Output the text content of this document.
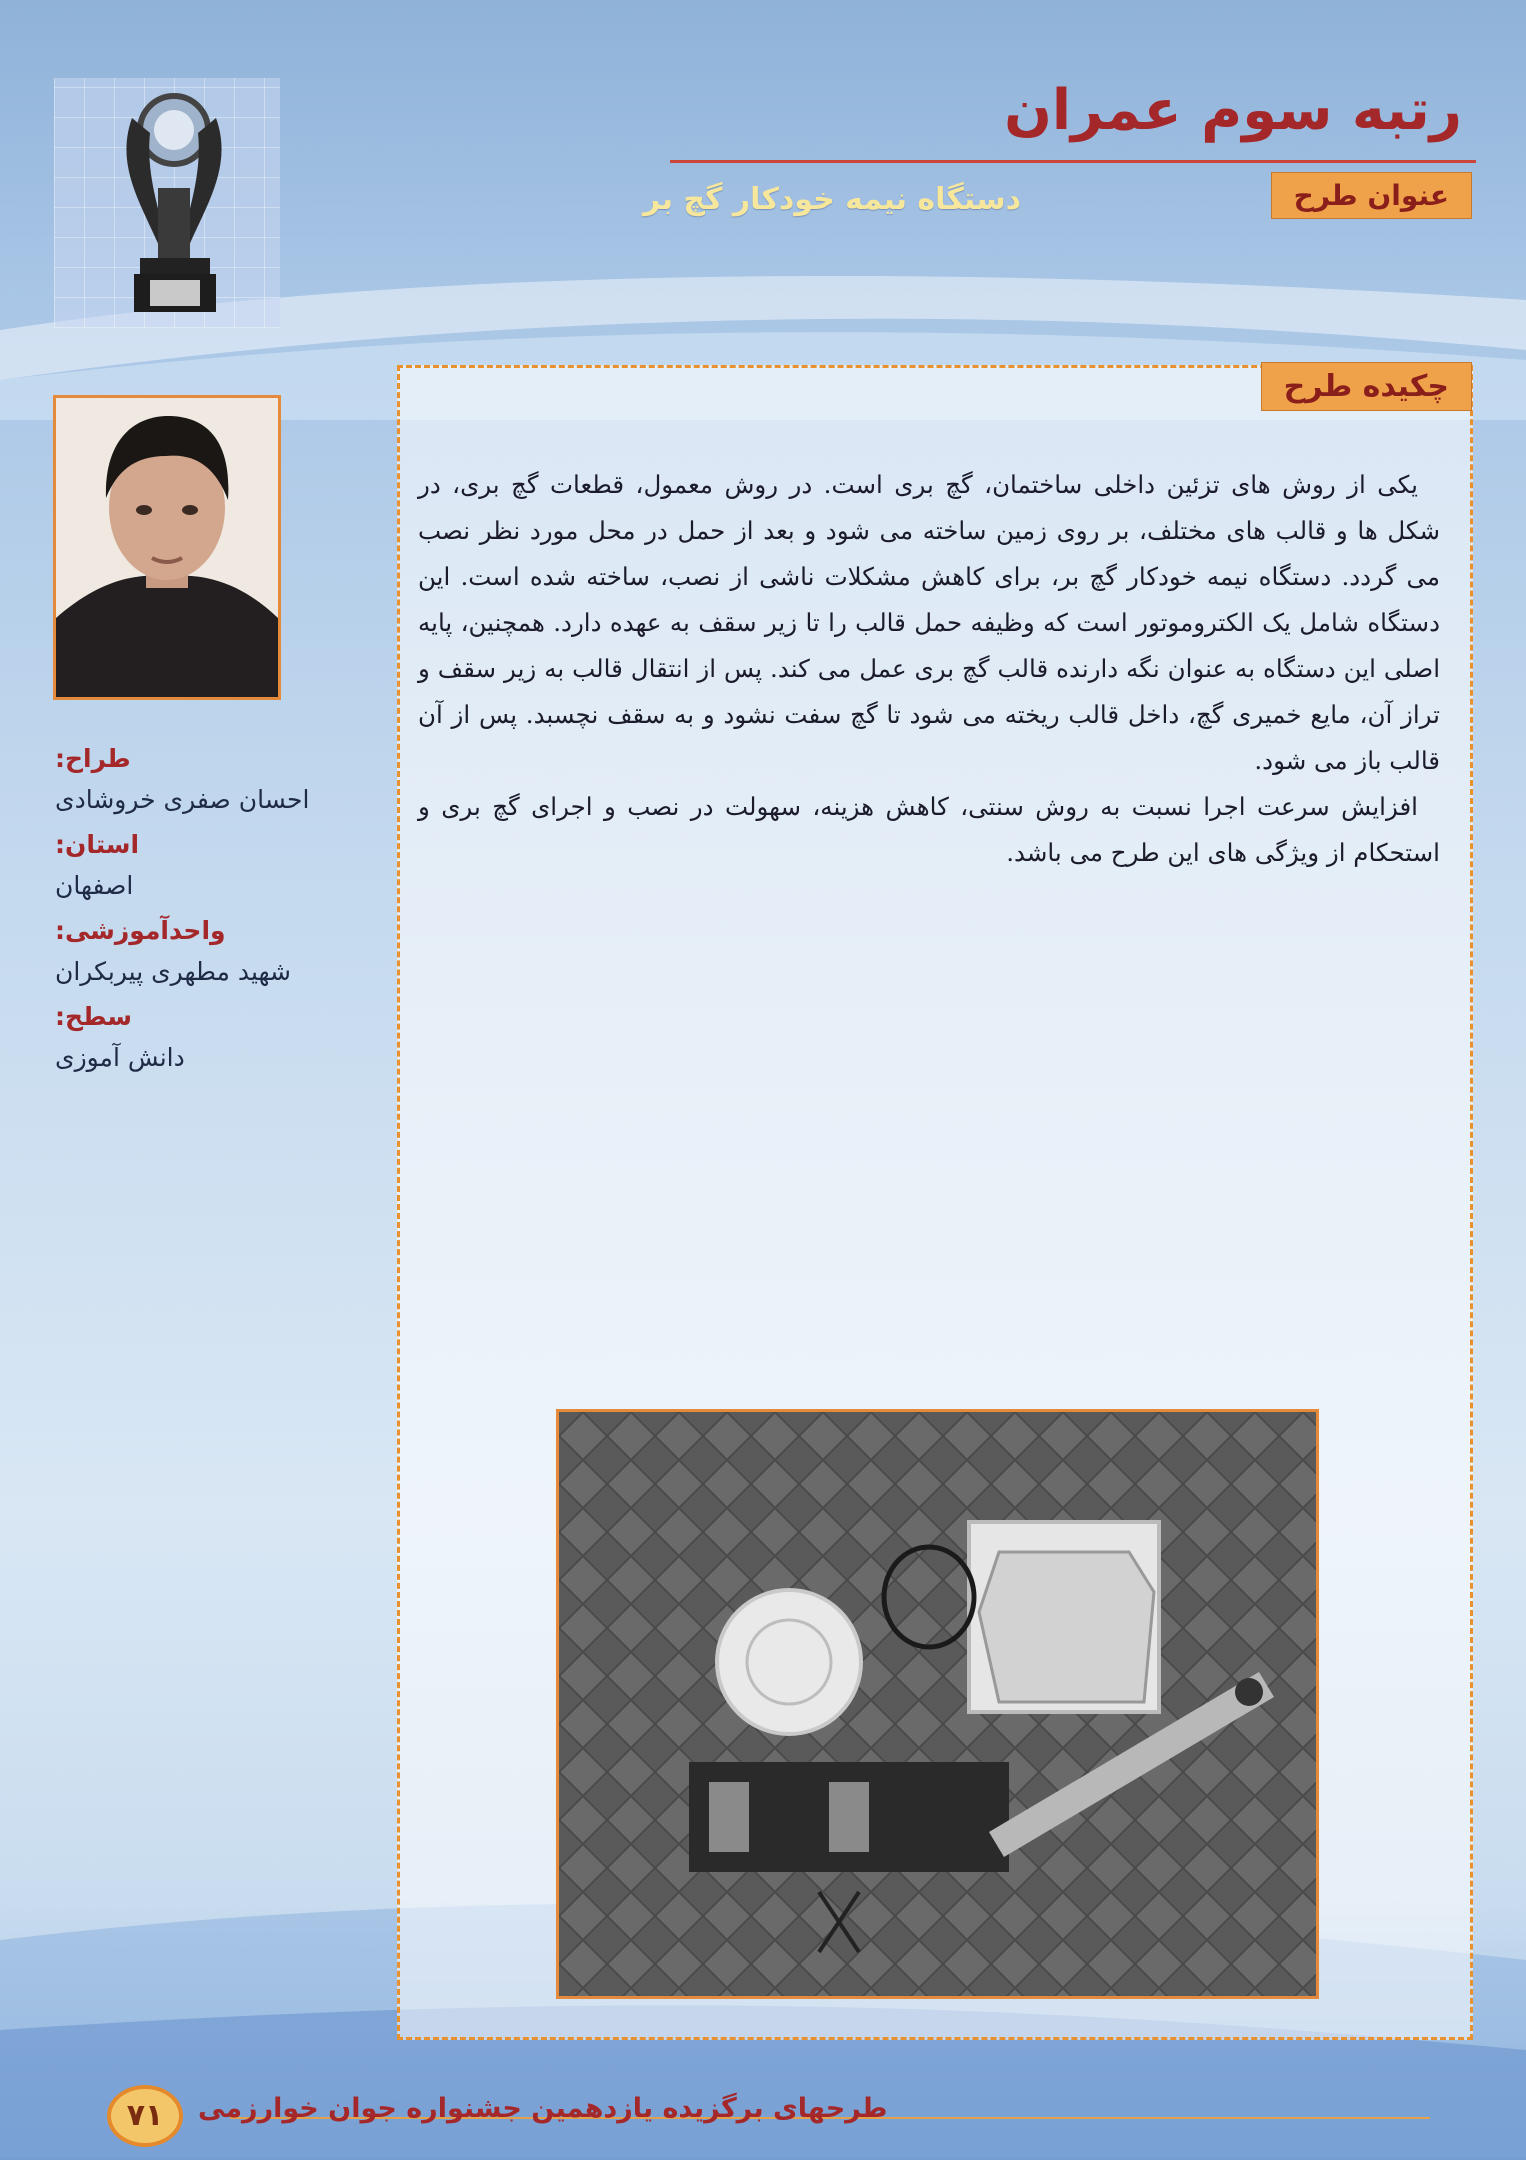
رتبه سوم عمران
عنوان طرح
دستگاه نیمه خودکار گچ بر

طراح:

احسان صفری خروشادی

استان:

اصفهان

واحدآموزشی:

شهید مطهری پیربکران

سطح:

دانش آموزی

چکیده طرح

یکی از روش های تزئین داخلی ساختمان، گچ بری است. در روش معمول، قطعات گچ بری، در شکل ها و قالب های مختلف، بر روی زمین ساخته می شود و بعد از حمل در محل مورد نظر نصب می گردد. دستگاه نیمه خودکار گچ بر، برای کاهش مشکلات ناشی از نصب، ساخته شده است. این دستگاه شامل یک الکتروموتور است که وظیفه حمل قالب را تا زیر سقف به عهده دارد. همچنین، پایه اصلی این دستگاه به عنوان نگه دارنده قالب گچ بری عمل می کند. پس از انتقال قالب به زیر سقف و تراز آن، مایع خمیری گچ، داخل قالب ریخته می شود تا گچ سفت نشود و به سقف نچسبد. پس از آن قالب باز می شود.

افزایش سرعت اجرا نسبت به روش سنتی، کاهش هزینه، سهولت در نصب و اجرای گچ بری و استحکام از ویژگی های این طرح می باشد.

٧١	طرحهای برگزیده یازدهمین جشنواره جوان خوارزمی
